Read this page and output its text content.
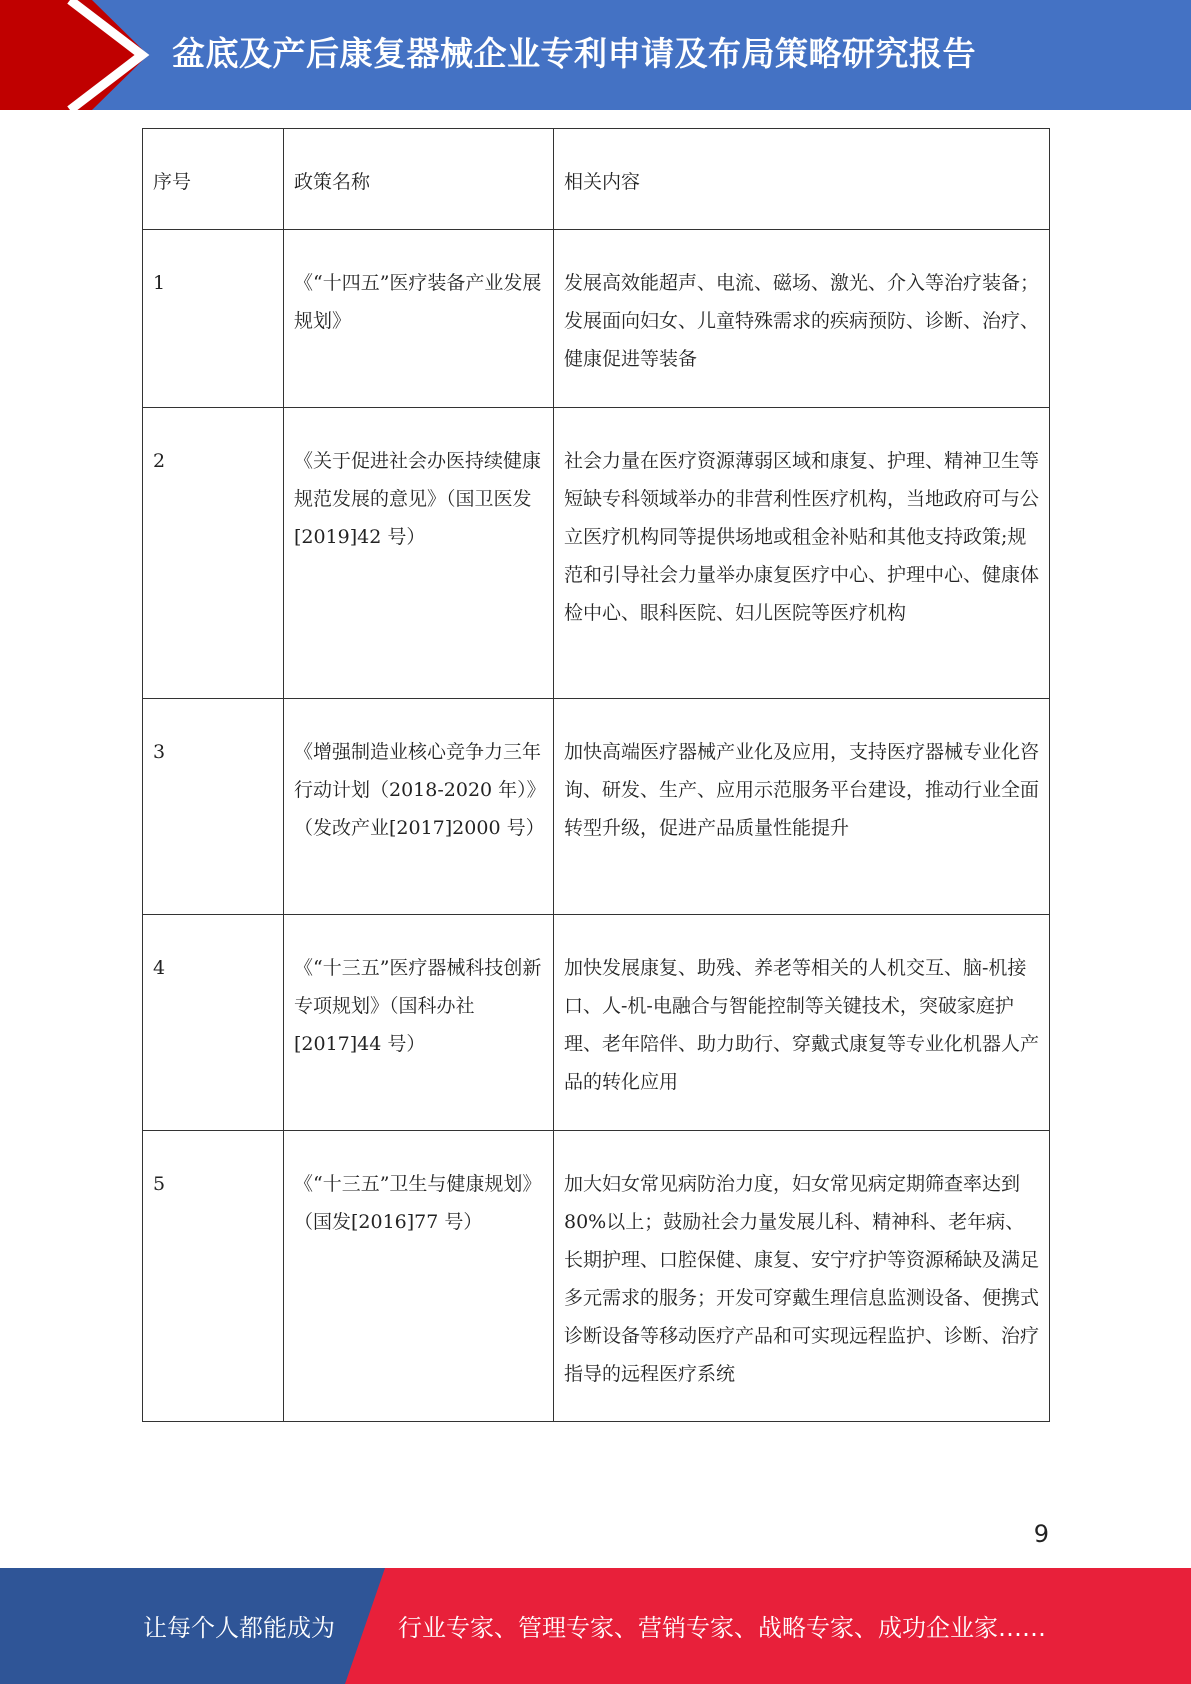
盆底及产后康复器械企业专利申请及布局策略研究报告
序号	政策名称	相关内容
1	《“十四五”医疗装备产业发展规划》	发展高效能超声、电流、磁场、激光、介入等治疗装备；发展面向妇女、儿童特殊需求的疾病预防、诊断、治疗、健康促进等装备
2	《关于促进社会办医持续健康规范发展的意见》（国卫医发[2019]42 号）	社会力量在医疗资源薄弱区域和康复、护理、精神卫生等短缺专科领域举办的非营利性医疗机构，当地政府可与公立医疗机构同等提供场地或租金补贴和其他支持政策;规范和引导社会力量举办康复医疗中心、护理中心、健康体检中心、眼科医院、妇儿医院等医疗机构
3	《增强制造业核心竞争力三年行动计划（2018-2020 年）》（发改产业[2017]2000 号）	加快高端医疗器械产业化及应用，支持医疗器械专业化咨询、研发、生产、应用示范服务平台建设，推动行业全面转型升级，促进产品质量性能提升
4	《“十三五”医疗器械科技创新专项规划》（国科办社[2017]44 号）	加快发展康复、助残、养老等相关的人机交互、脑-机接口、人-机-电融合与智能控制等关键技术，突破家庭护理、老年陪伴、助力助行、穿戴式康复等专业化机器人产品的转化应用
5	《“十三五”卫生与健康规划》（国发[2016]77 号）	加大妇女常见病防治力度，妇女常见病定期筛查率达到 80%以上；鼓励社会力量发展儿科、精神科、老年病、长期护理、口腔保健、康复、安宁疗护等资源稀缺及满足多元需求的服务；开发可穿戴生理信息监测设备、便携式诊断设备等移动医疗产品和可实现远程监护、诊断、治疗指导的远程医疗系统
9
让每个人都能成为	行业专家、管理专家、营销专家、战略专家、成功企业家……
